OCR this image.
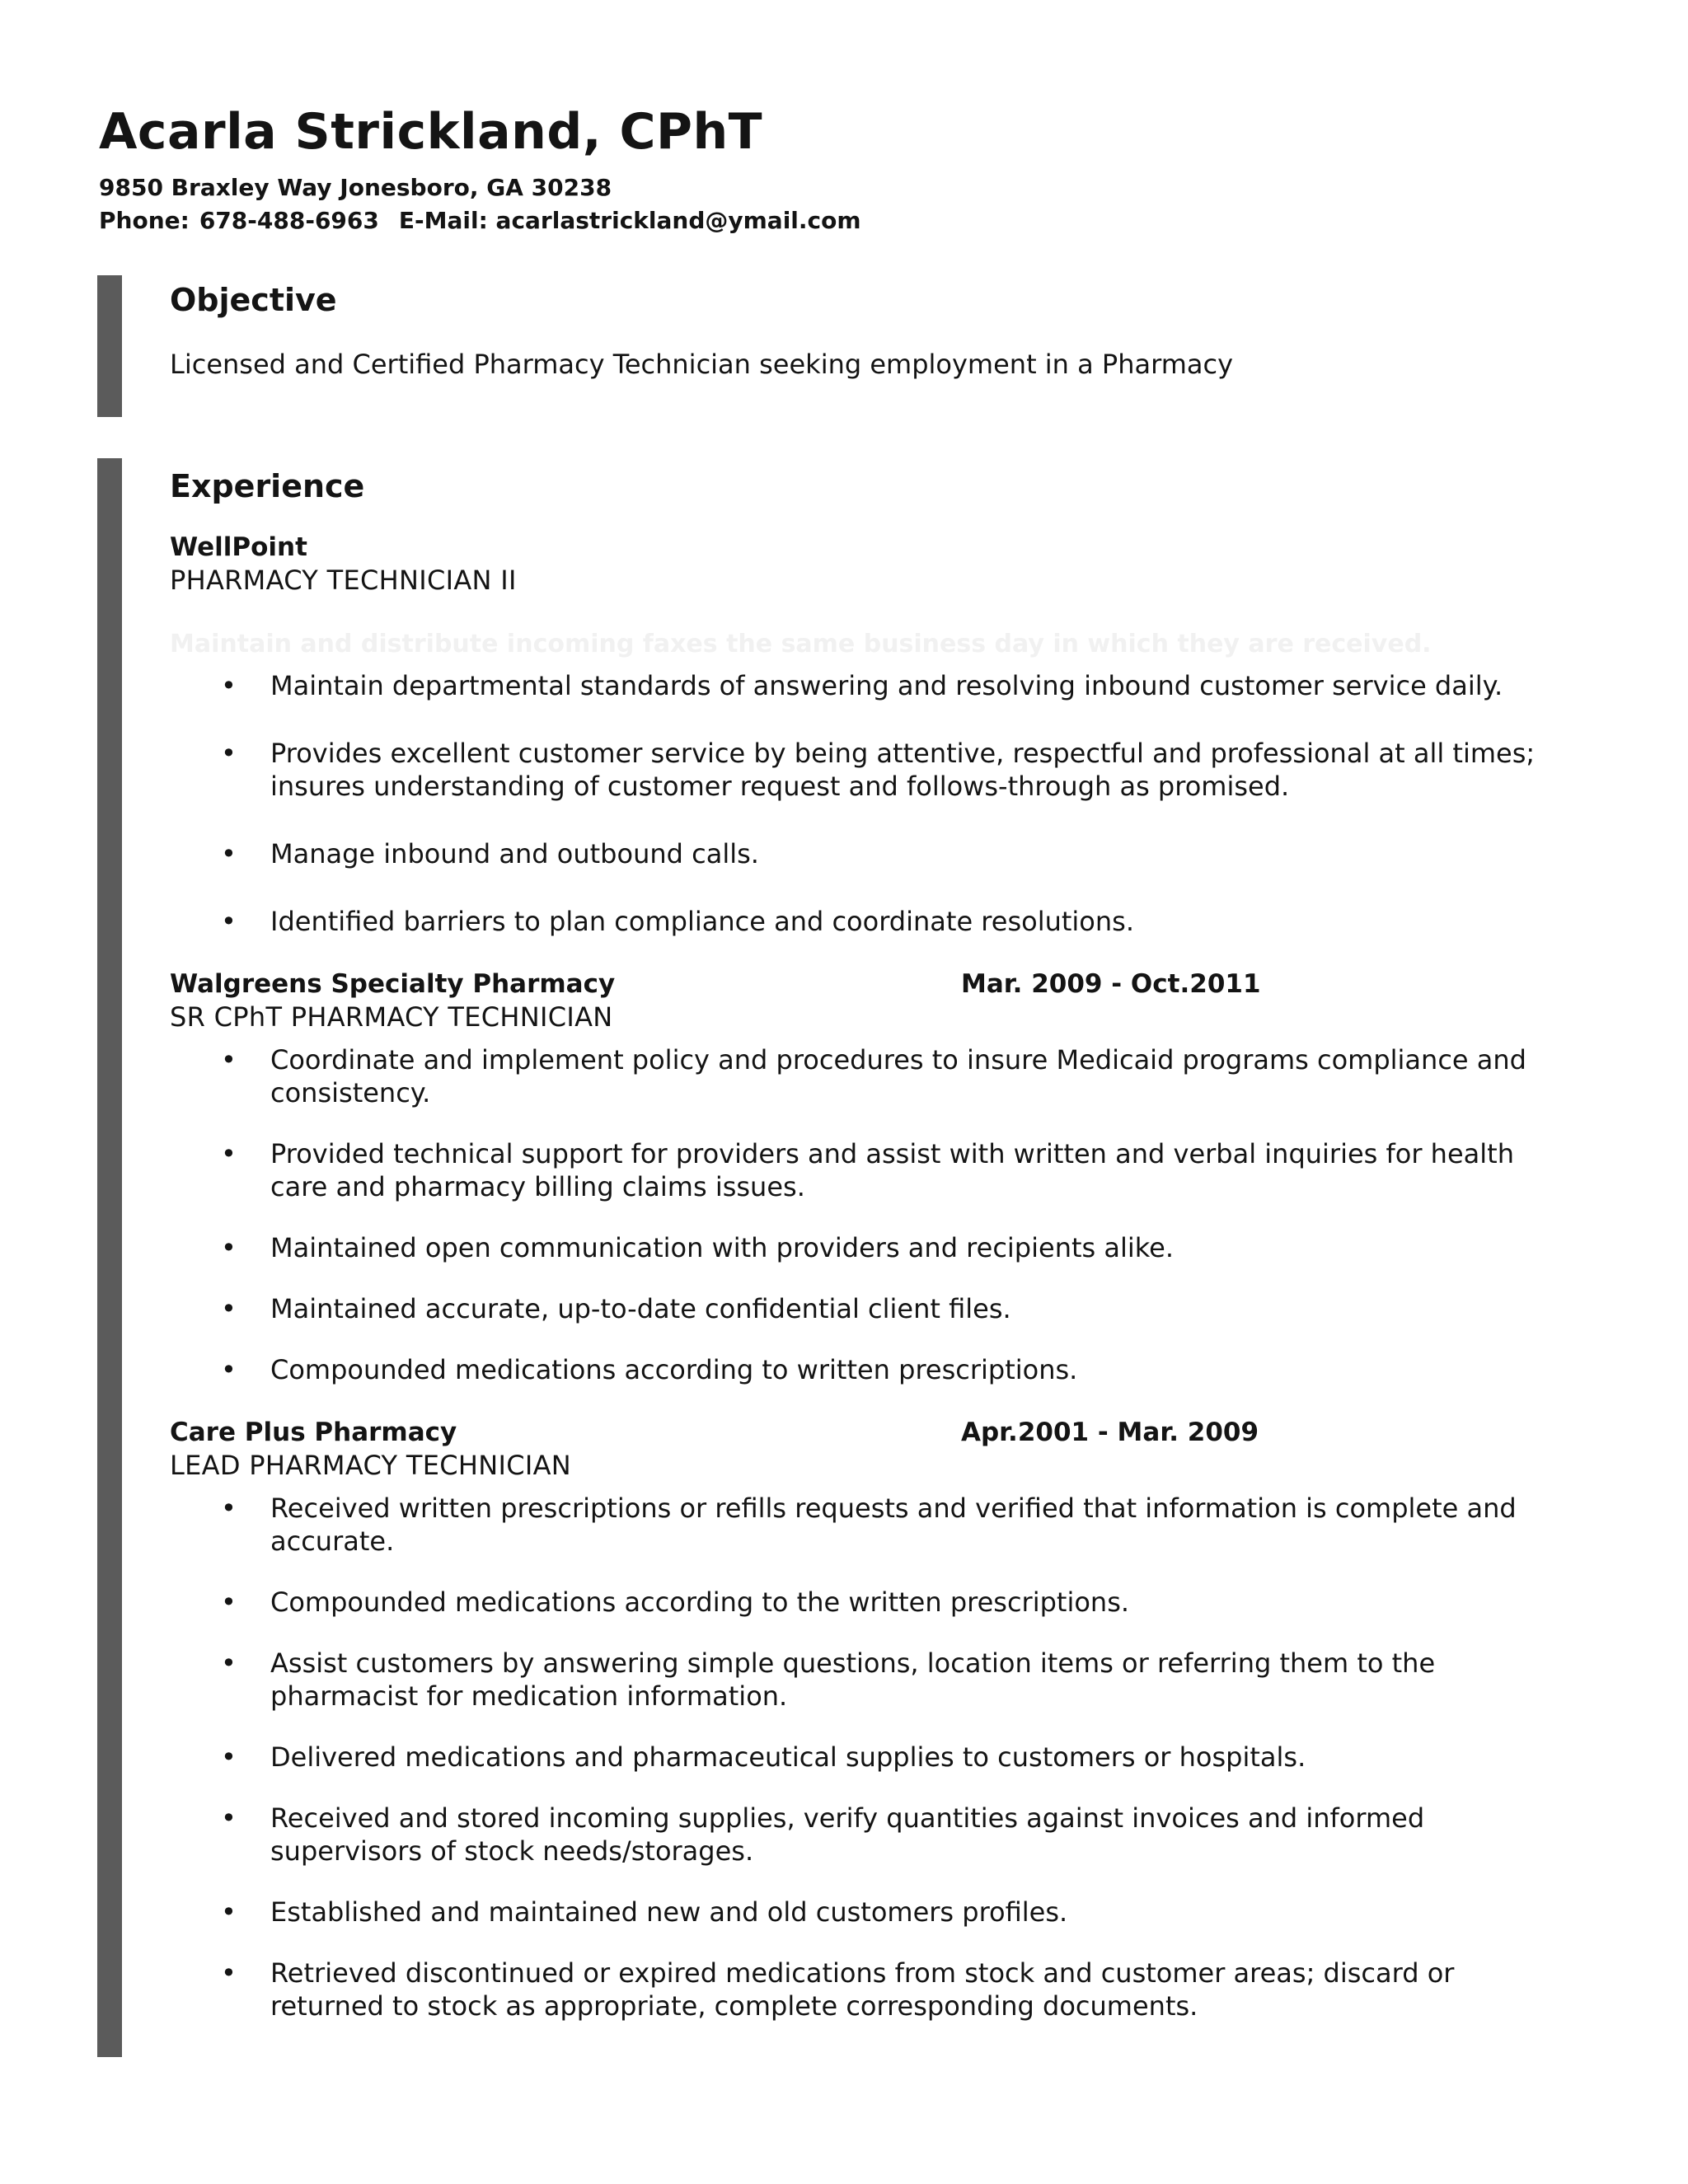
Acarla Strickland, CPhT

9850 Braxley Way Jonesboro, GA 30238

Phone: 678-488-6963 E-Mail: acarlastrickland@ymail.com

Objective

Licensed and Certified Pharmacy Technician seeking employment in a Pharmacy

Experience
WellPoint

PHARMACY TECHNICIAN II

Maintain and distribute incoming faxes the same business day in which they are received.

• Maintain departmental standards of answering and resolving inbound customer service daily.
• Provides excellent customer service by being attentive, respectful and professional at all times; insures understanding of customer request and follows-through as promised.
• Manage inbound and outbound calls.
• Identified barriers to plan compliance and coordinate resolutions.
Walgreens Specialty Pharmacy	Mar. 2009 - Oct.2011

SR CPhT PHARMACY TECHNICIAN

• Coordinate and implement policy and procedures to insure Medicaid programs compliance and consistency.
• Provided technical support for providers and assist with written and verbal inquiries for health care and pharmacy billing claims issues.
• Maintained open communication with providers and recipients alike.
• Maintained accurate, up-to-date confidential client files.
• Compounded medications according to written prescriptions.
Care Plus Pharmacy	Apr.2001 - Mar. 2009

LEAD PHARMACY TECHNICIAN

• Received written prescriptions or refills requests and verified that information is complete and accurate.
• Compounded medications according to the written prescriptions.
• Assist customers by answering simple questions, location items or referring them to the pharmacist for medication information.
• Delivered medications and pharmaceutical supplies to customers or hospitals.
• Received and stored incoming supplies, verify quantities against invoices and informed supervisors of stock needs/storages.
• Established and maintained new and old customers profiles.
• Retrieved discontinued or expired medications from stock and customer areas; discard or returned to stock as appropriate, complete corresponding documents.
